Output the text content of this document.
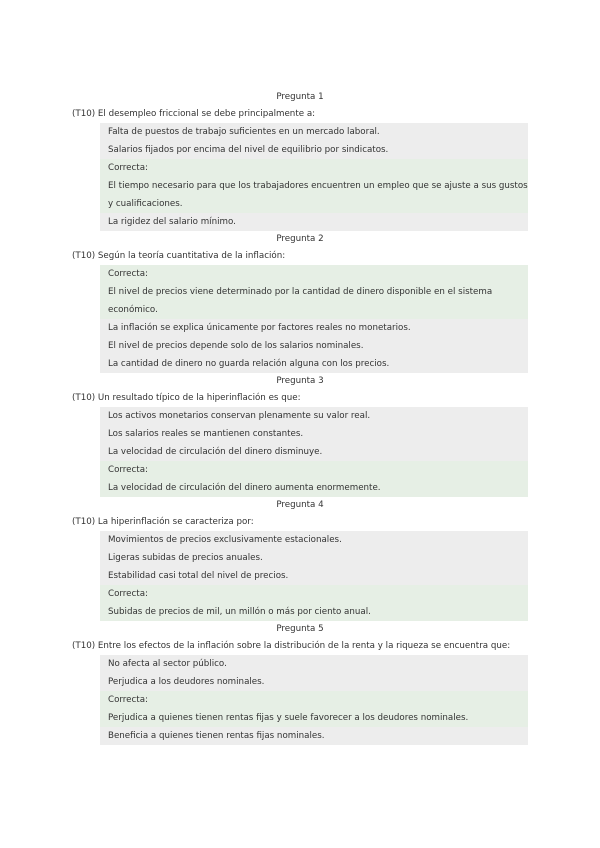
Pregunta 1
(T10) El desempleo friccional se debe principalmente a:
Falta de puestos de trabajo suficientes en un mercado laboral.
Salarios fijados por encima del nivel de equilibrio por sindicatos.
Correcta:
El tiempo necesario para que los trabajadores encuentren un empleo que se ajuste a sus gustos y cualificaciones.
La rigidez del salario mínimo.
Pregunta 2
(T10) Según la teoría cuantitativa de la inflación:
Correcta:
El nivel de precios viene determinado por la cantidad de dinero disponible en el sistema económico.
La inflación se explica únicamente por factores reales no monetarios.
El nivel de precios depende solo de los salarios nominales.
La cantidad de dinero no guarda relación alguna con los precios.
Pregunta 3
(T10) Un resultado típico de la hiperinflación es que:
Los activos monetarios conservan plenamente su valor real.
Los salarios reales se mantienen constantes.
La velocidad de circulación del dinero disminuye.
Correcta:
La velocidad de circulación del dinero aumenta enormemente.
Pregunta 4
(T10) La hiperinflación se caracteriza por:
Movimientos de precios exclusivamente estacionales.
Ligeras subidas de precios anuales.
Estabilidad casi total del nivel de precios.
Correcta:
Subidas de precios de mil, un millón o más por ciento anual.
Pregunta 5
(T10) Entre los efectos de la inflación sobre la distribución de la renta y la riqueza se encuentra que:
No afecta al sector público.
Perjudica a los deudores nominales.
Correcta:
Perjudica a quienes tienen rentas fijas y suele favorecer a los deudores nominales.
Beneficia a quienes tienen rentas fijas nominales.
